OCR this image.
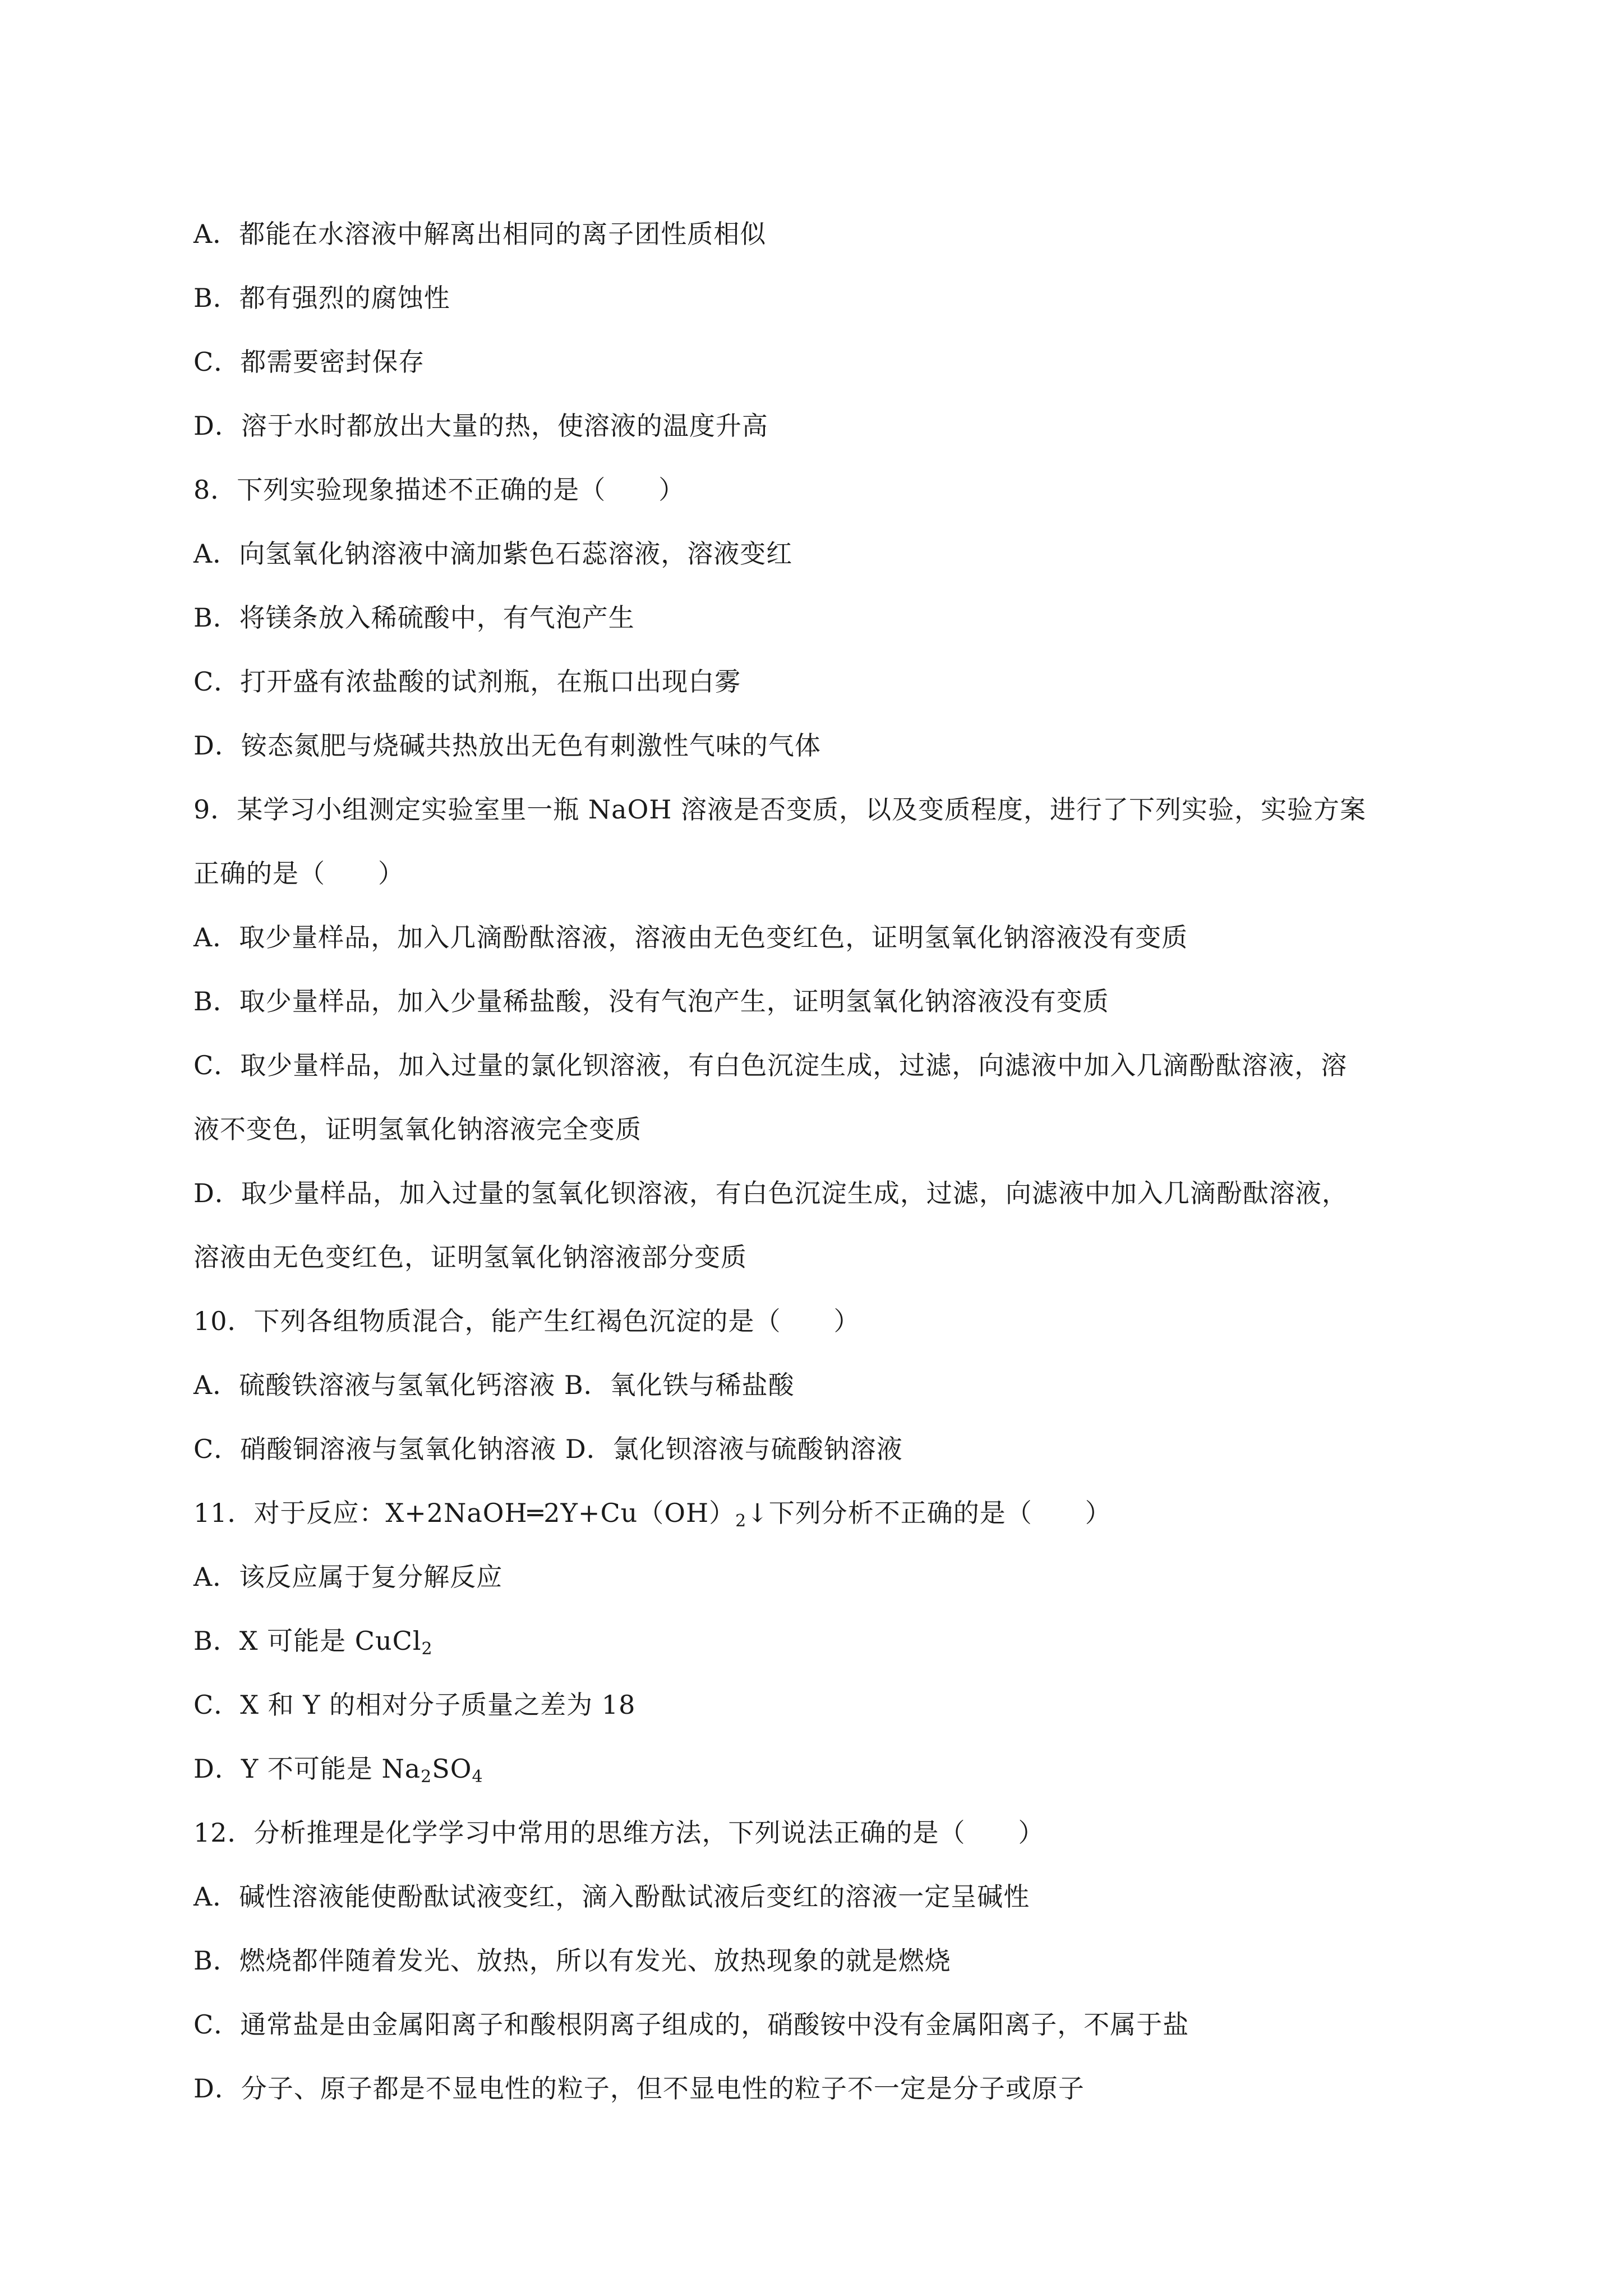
A．都能在水溶液中解离出相同的离子团性质相似
B．都有强烈的腐蚀性
C．都需要密封保存
D．溶于水时都放出大量的热，使溶液的温度升高
8．下列实验现象描述不正确的是（　　）
A．向氢氧化钠溶液中滴加紫色石蕊溶液，溶液变红
B．将镁条放入稀硫酸中，有气泡产生
C．打开盛有浓盐酸的试剂瓶，在瓶口出现白雾
D．铵态氮肥与烧碱共热放出无色有刺激性气味的气体
9．某学习小组测定实验室里一瓶 NaOH 溶液是否变质，以及变质程度，进行了下列实验，实验方案
正确的是（　　）
A．取少量样品，加入几滴酚酞溶液，溶液由无色变红色，证明氢氧化钠溶液没有变质
B．取少量样品，加入少量稀盐酸，没有气泡产生，证明氢氧化钠溶液没有变质
C．取少量样品，加入过量的氯化钡溶液，有白色沉淀生成，过滤，向滤液中加入几滴酚酞溶液，溶
液不变色，证明氢氧化钠溶液完全变质
D．取少量样品，加入过量的氢氧化钡溶液，有白色沉淀生成，过滤，向滤液中加入几滴酚酞溶液，
溶液由无色变红色，证明氢氧化钠溶液部分变质
10．下列各组物质混合，能产生红褐色沉淀的是（　　）
A．硫酸铁溶液与氢氧化钙溶液 B．氧化铁与稀盐酸
C．硝酸铜溶液与氢氧化钠溶液 D．氯化钡溶液与硫酸钠溶液
11．对于反应：$X+2NaOH═2Y+Cu(OH)_2↓$下列分析不正确的是（　　）
A．该反应属于复分解反应
B．X 可能是 CuCl$_2$
C．X 和 Y 的相对分子质量之差为 18
D．Y 不可能是 $Na_2SO_4$
12．分析推理是化学学习中常用的思维方法，下列说法正确的是（　　）
A．碱性溶液能使酚酞试液变红，滴入酚酞试液后变红的溶液一定呈碱性
B．燃烧都伴随着发光、放热，所以有发光、放热现象的就是燃烧
C．通常盐是由金属阳离子和酸根阴离子组成的，硝酸铵中没有金属阳离子，不属于盐
D．分子、原子都是不显电性的粒子，但不显电性的粒子不一定是分子或原子
